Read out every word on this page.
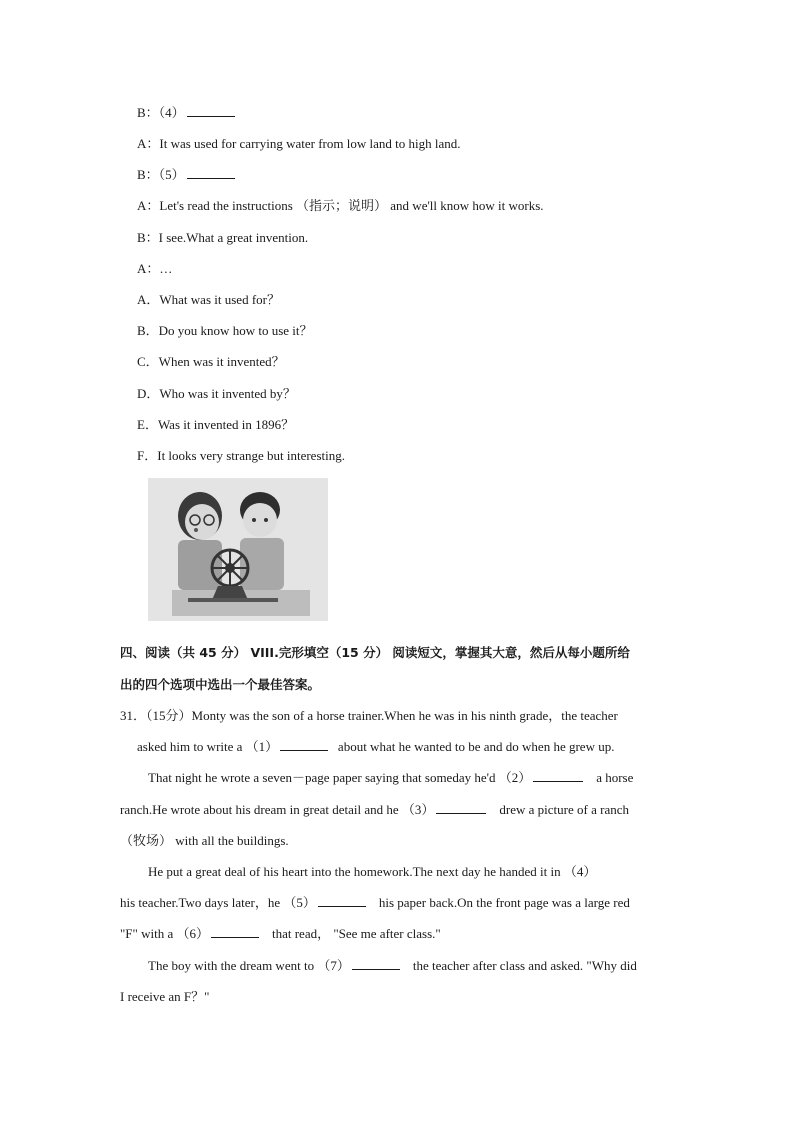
B：（4）
A：It was used for carrying water from low land to high land.
B：（5）
A：Let's read the instructions （指示；说明） and we'll know how it works.
B：I see.What a great invention.
A：…
A．What was it used for？
B．Do you know how to use it？
C．When was it invented？
D．Who was it invented by？
E．Was it invented in 1896？
F．It looks very strange but interesting.
四、阅读（共 45 分） VIII.完形填空（15 分） 阅读短文，掌握其大意，然后从每小题所给
出的四个选项中选出一个最佳答案。
31．（15分）Monty was the son of a horse trainer.When he was in his ninth grade，the teacher
asked him to write a （1）	about what he wanted to be and do when he grew up.
That night he wrote a seven－page paper saying that someday he'd （2）	a horse
ranch.He wrote about his dream in great detail and he （3）	drew a picture of a ranch
（牧场） with all the buildings.
He put a great deal of his heart into the homework.The next day he handed it in （4）
his teacher.Two days later，he （5）	his paper back.On the front page was a large red
"F" with a （6）	that read， "See me after class."
The boy with the dream went to （7）	the teacher after class and asked. "Why did
I receive an F？"
